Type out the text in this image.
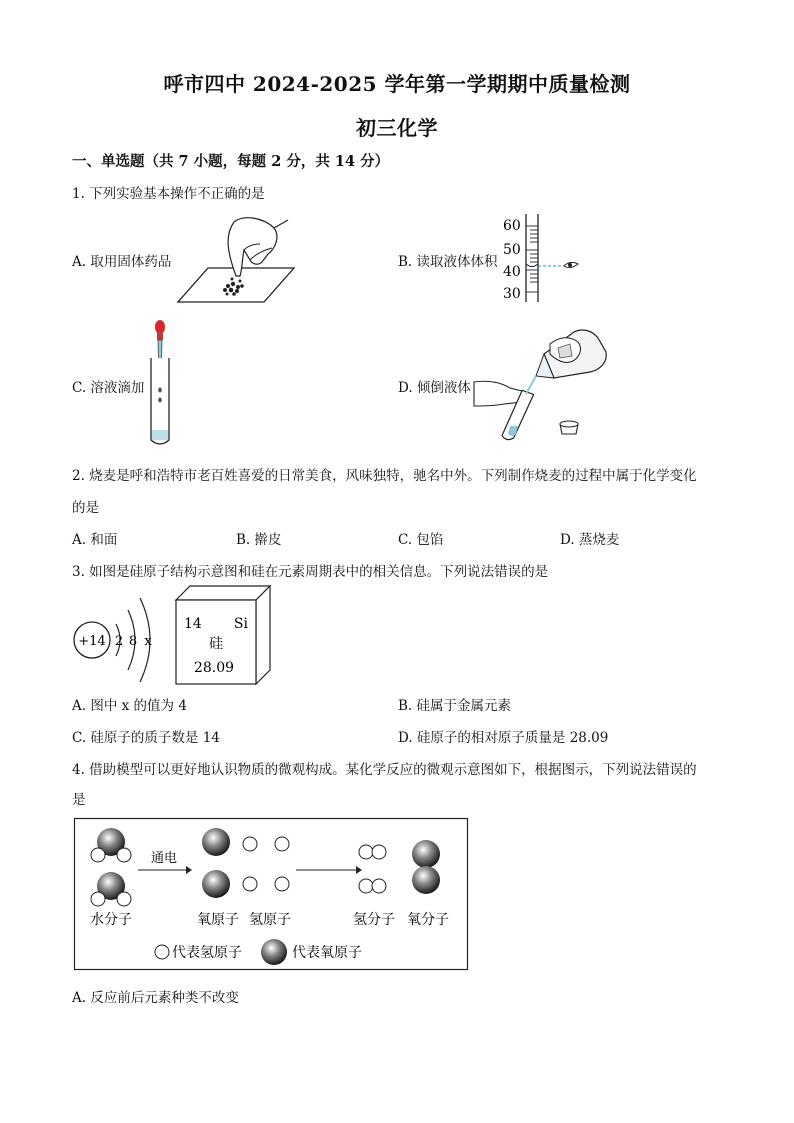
呼市四中 2024-2025 学年第一学期期中质量检测
初三化学
一、单选题（共 7 小题，每题 2 分，共 14 分）
1. 下列实验基本操作不正确的是
A. 取用固体药品	B. 读取液体体积
60
50
40
30
C. 溶液滴加	D. 倾倒液体
2. 烧麦是呼和浩特市老百姓喜爱的日常美食，风味独特，驰名中外。下列制作烧麦的过程中属于化学变化
的是
A. 和面	B. 擀皮	C. 包馅	D. 蒸烧麦
3. 如图是硅原子结构示意图和硅在元素周期表中的相关信息。下列说法错误的是
+14 2 8 x
14 Si
硅
28.09
A. 图中 x 的值为 4	B. 硅属于金属元素
C. 硅原子的质子数是 14	D. 硅原子的相对原子质量是 28.09
4. 借助模型可以更好地认识物质的微观构成。某化学反应的微观示意图如下，根据图示，下列说法错误的
是
水分子
通电
氧原子 氢原子	氢分子 氧分子
代表氢原子	代表氧原子
A. 反应前后元素种类不改变
